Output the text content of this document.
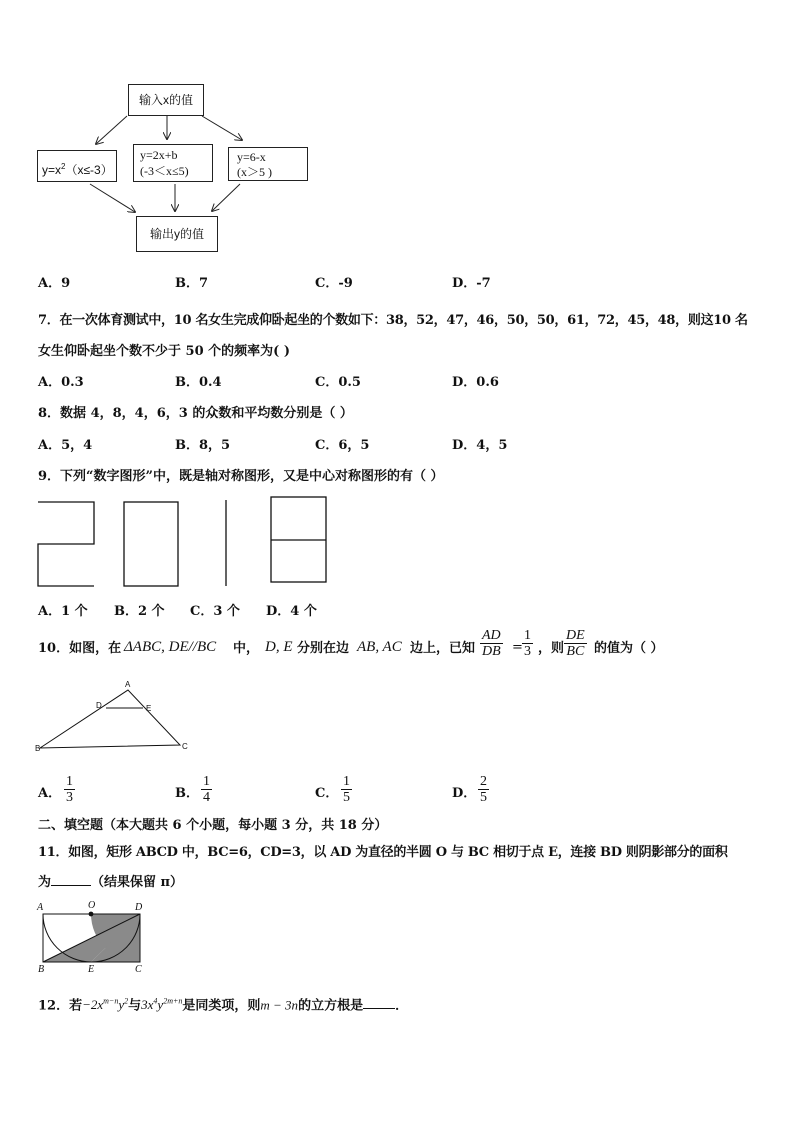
输入x的值
$y=x^2(x\le-3)$
y=2x+b
(-3＜x≤5)
y=6-x
(x＞5 )
输出y的值
A．9	B．7	C．-9	D．-7
7．在一次体育测试中，10 名女生完成仰卧起坐的个数如下：38，52，47，46，50，50，61，72，45，48，则这10 名
女生仰卧起坐个数不少于 50 个的频率为( )
A．0.3	B．0.4	C．0.5	D．0.6
8．数据 4，8，4，6，3 的众数和平均数分别是（ ）
A．5，4	B．8，5	C．6，5	D．4，5
9．下列“数字图形”中，既是轴对称图形，又是中心对称图形的有（ ）
A．1 个 B．2 个 C．3 个 D．4 个
10．如图，在 ΔABC, DE//BC 中， D, E 分别在边 AB, AC 边上，已知 $\frac{AD}{DB} = \frac{1}{3}$ ，则 $\frac{DE}{BC}$ 的值为（ ）
A
D	E
B	C
A． $\frac{1}{3}$	B． $\frac{1}{4}$	C． $\frac{1}{5}$	D． $\frac{2}{5}$
二、填空题（本大题共 6 个小题，每小题 3 分，共 18 分）
11．如图，矩形 ABCD 中，BC=6，CD=3，以 AD 为直径的半圆 O 与 BC 相切于点 E，连接 BD 则阴影部分的面积
为	（结果保留 π）
A	O	D
B	E	C
12．若$-2x^{m-n}y^2$与$3x^4y^{2m+n}$是同类项，则m − 3n的立方根是 ．
